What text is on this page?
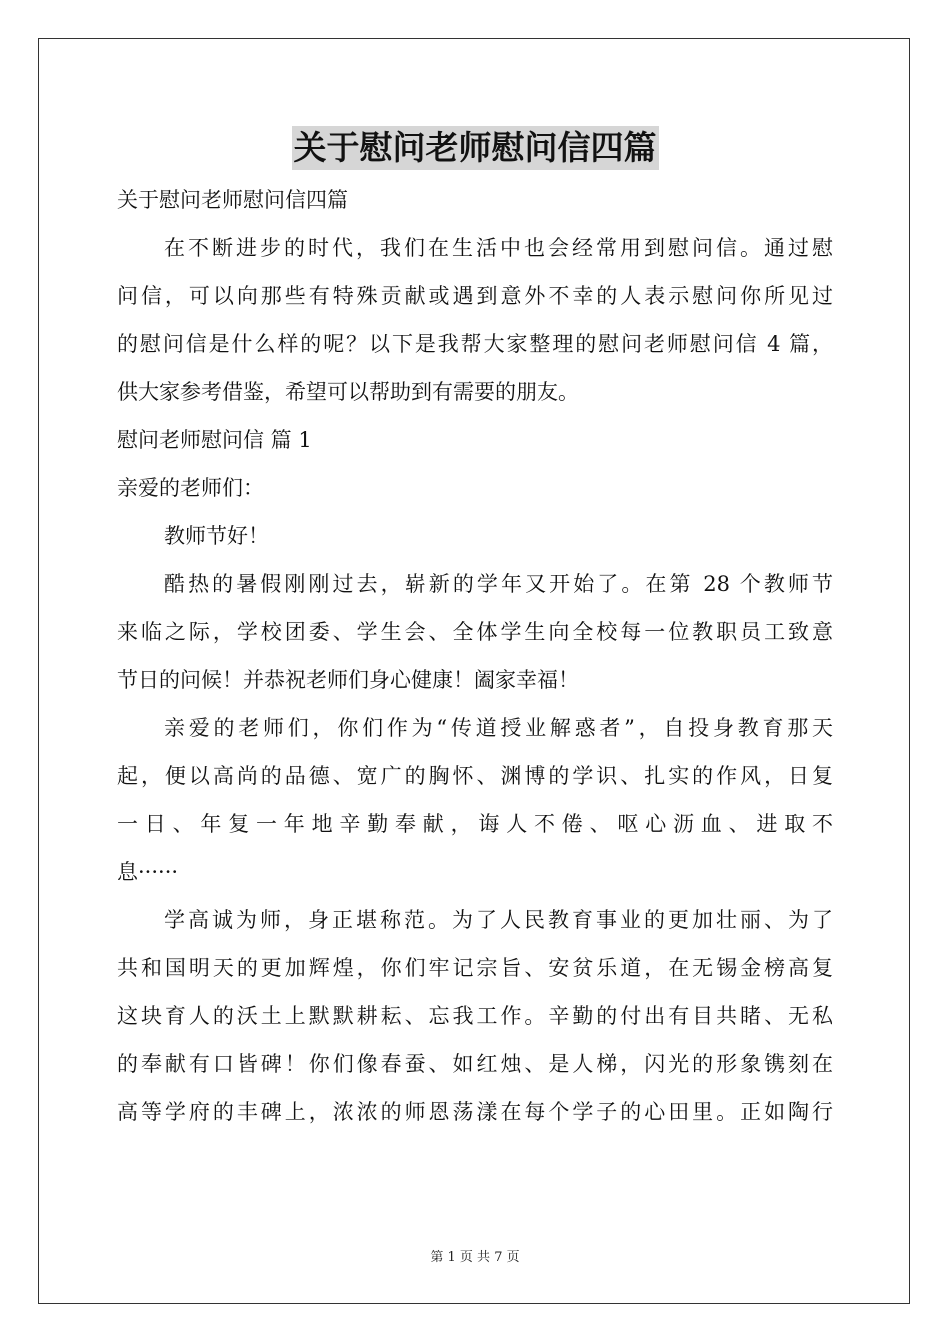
关于慰问老师慰问信四篇
关于慰问老师慰问信四篇
在不断进步的时代，我们在生活中也会经常用到慰问信。通过慰
问信，可以向那些有特殊贡献或遇到意外不幸的人表示慰问你所见过
的慰问信是什么样的呢？以下是我帮大家整理的慰问老师慰问信 4 篇，
供大家参考借鉴，希望可以帮助到有需要的朋友。
慰问老师慰问信 篇 1
亲爱的老师们：
教师节好！
酷热的暑假刚刚过去，崭新的学年又开始了。在第 28 个教师节
来临之际，学校团委、学生会、全体学生向全校每一位教职员工致意
节日的问候！并恭祝老师们身心健康！阖家幸福！
亲爱的老师们，你们作为“传道授业解惑者”，自投身教育那天
起，便以高尚的品德、宽广的胸怀、渊博的学识、扎实的作风，日复
一日、年复一年地辛勤奉献，诲人不倦、呕心沥血、进取不
息······
学高诚为师，身正堪称范。为了人民教育事业的更加壮丽、为了
共和国明天的更加辉煌，你们牢记宗旨、安贫乐道，在无锡金榜高复
这块育人的沃土上默默耕耘、忘我工作。辛勤的付出有目共睹、无私
的奉献有口皆碑！你们像春蚕、如红烛、是人梯，闪光的形象镌刻在
高等学府的丰碑上，浓浓的师恩荡漾在每个学子的心田里。正如陶行
第 1 页 共 7 页
